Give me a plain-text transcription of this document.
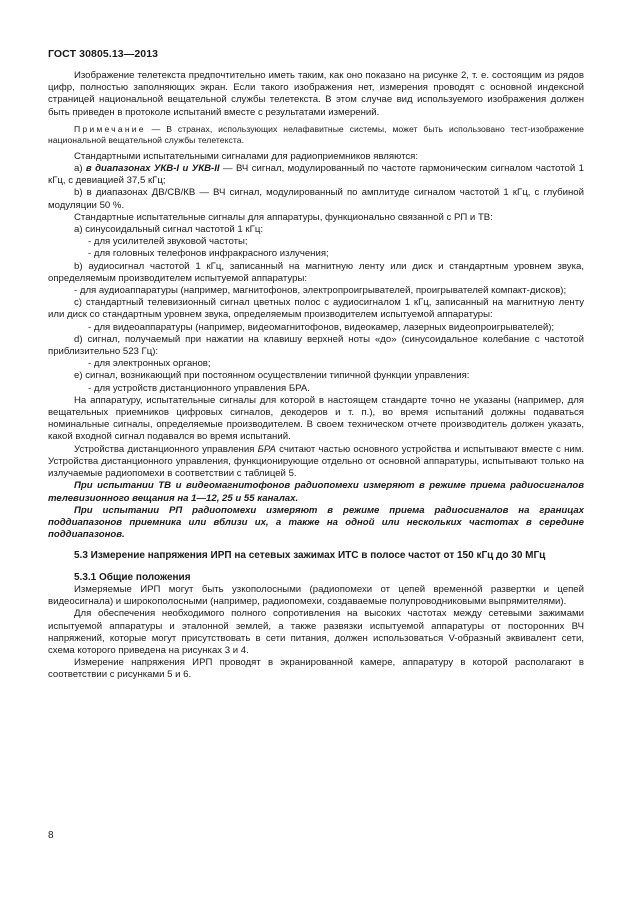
ГОСТ 30805.13—2013

Изображение телетекста предпочтительно иметь таким, как оно показано на рисунке 2, т. е. состоящим из рядов цифр, полностью заполняющих экран. Если такого изображения нет, измерения проводят с основной индексной страницей национальной вещательной службы телетекста. В этом случае вид используемого изображения должен быть приведен в протоколе испытаний вместе с результатами измерений.

Примечание — В странах, использующих нелафавитные системы, может быть использовано тест-изображение национальной вещательной службы телетекста.

Стандартными испытательными сигналами для радиоприемников являются:

а) в диапазонах УКВ-I и УКВ-II — ВЧ сигнал, модулированный по частоте гармоническим сигналом частотой 1 кГц, с девиацией 37,5 кГц;

b) в диапазонах ДВ/СВ/КВ — ВЧ сигнал, модулированный по амплитуде сигналом частотой 1 кГц, с глубиной модуляции 50 %.

Стандартные испытательные сигналы для аппаратуры, функционально связанной с РП и ТВ:

а) синусоидальный сигнал частотой 1 кГц:

- для усилителей звуковой частоты;

- для головных телефонов инфракрасного излучения;

b) аудиосигнал частотой 1 кГц, записанный на магнитную ленту или диск и стандартным уровнем звука, определяемым производителем испытуемой аппаратуры:

- для аудиоаппаратуры (например, магнитофонов, электропроигрывателей, проигрывателей компакт-дисков);

с) стандартный телевизионный сигнал цветных полос с аудиосигналом 1 кГц, записанный на магнитную ленту или диск со стандартным уровнем звука, определяемым производителем испытуемой аппаратуры:

- для видеоаппаратуры (например, видеомагнитофонов, видеокамер, лазерных видеопроигрывателей);

d) сигнал, получаемый при нажатии на клавишу верхней ноты «до» (синусоидальное колебание с частотой приблизительно 523 Гц):

- для электронных органов;

е) сигнал, возникающий при постоянном осуществлении типичной функции управления:

- для устройств дистанционного управления БРА.

На аппаратуру, испытательные сигналы для которой в настоящем стандарте точно не указаны (например, для вещательных приемников цифровых сигналов, декодеров и т. п.), во время испытаний должны подаваться номинальные сигналы, определяемые производителем. В своем техническом отчете производитель должен указать, какой входной сигнал подавался во время испытаний.

Устройства дистанционного управления БРА считают частью основного устройства и испытывают вместе с ним. Устройства дистанционного управления, функционирующие отдельно от основной аппаратуры, испытывают только на излучаемые радиопомехи в соответствии с таблицей 5.

При испытании ТВ и видеомагнитофонов радиопомехи измеряют в режиме приема радиосигналов телевизионного вещания на 1—12, 25 и 55 каналах.

При испытании РП радиопомехи измеряют в режиме приема радиосигналов на границах поддиапазонов приемника или вблизи их, а также на одной или нескольких частотах в середине поддиапазонов.

5.3 Измерение напряжения ИРП на сетевых зажимах ИТС в полосе частот от 150 кГц до 30 МГц

5.3.1 Общие положения

Измеряемые ИРП могут быть узкополосными (радиопомехи от цепей временнóй развертки и цепей видеосигнала) и широкополосными (например, радиопомехи, создаваемые полупроводниковыми выпрямителями).

Для обеспечения необходимого полного сопротивления на высоких частотах между сетевыми зажимами испытуемой аппаратуры и эталонной землей, а также развязки испытуемой аппаратуры от посторонних ВЧ напряжений, которые могут присутствовать в сети питания, должен использоваться V-образный эквивалент сети, схема которого приведена на рисунках 3 и 4.

Измерение напряжения ИРП проводят в экранированной камере, аппаратуру в которой располагают в соответствии с рисунками 5 и 6.

8
